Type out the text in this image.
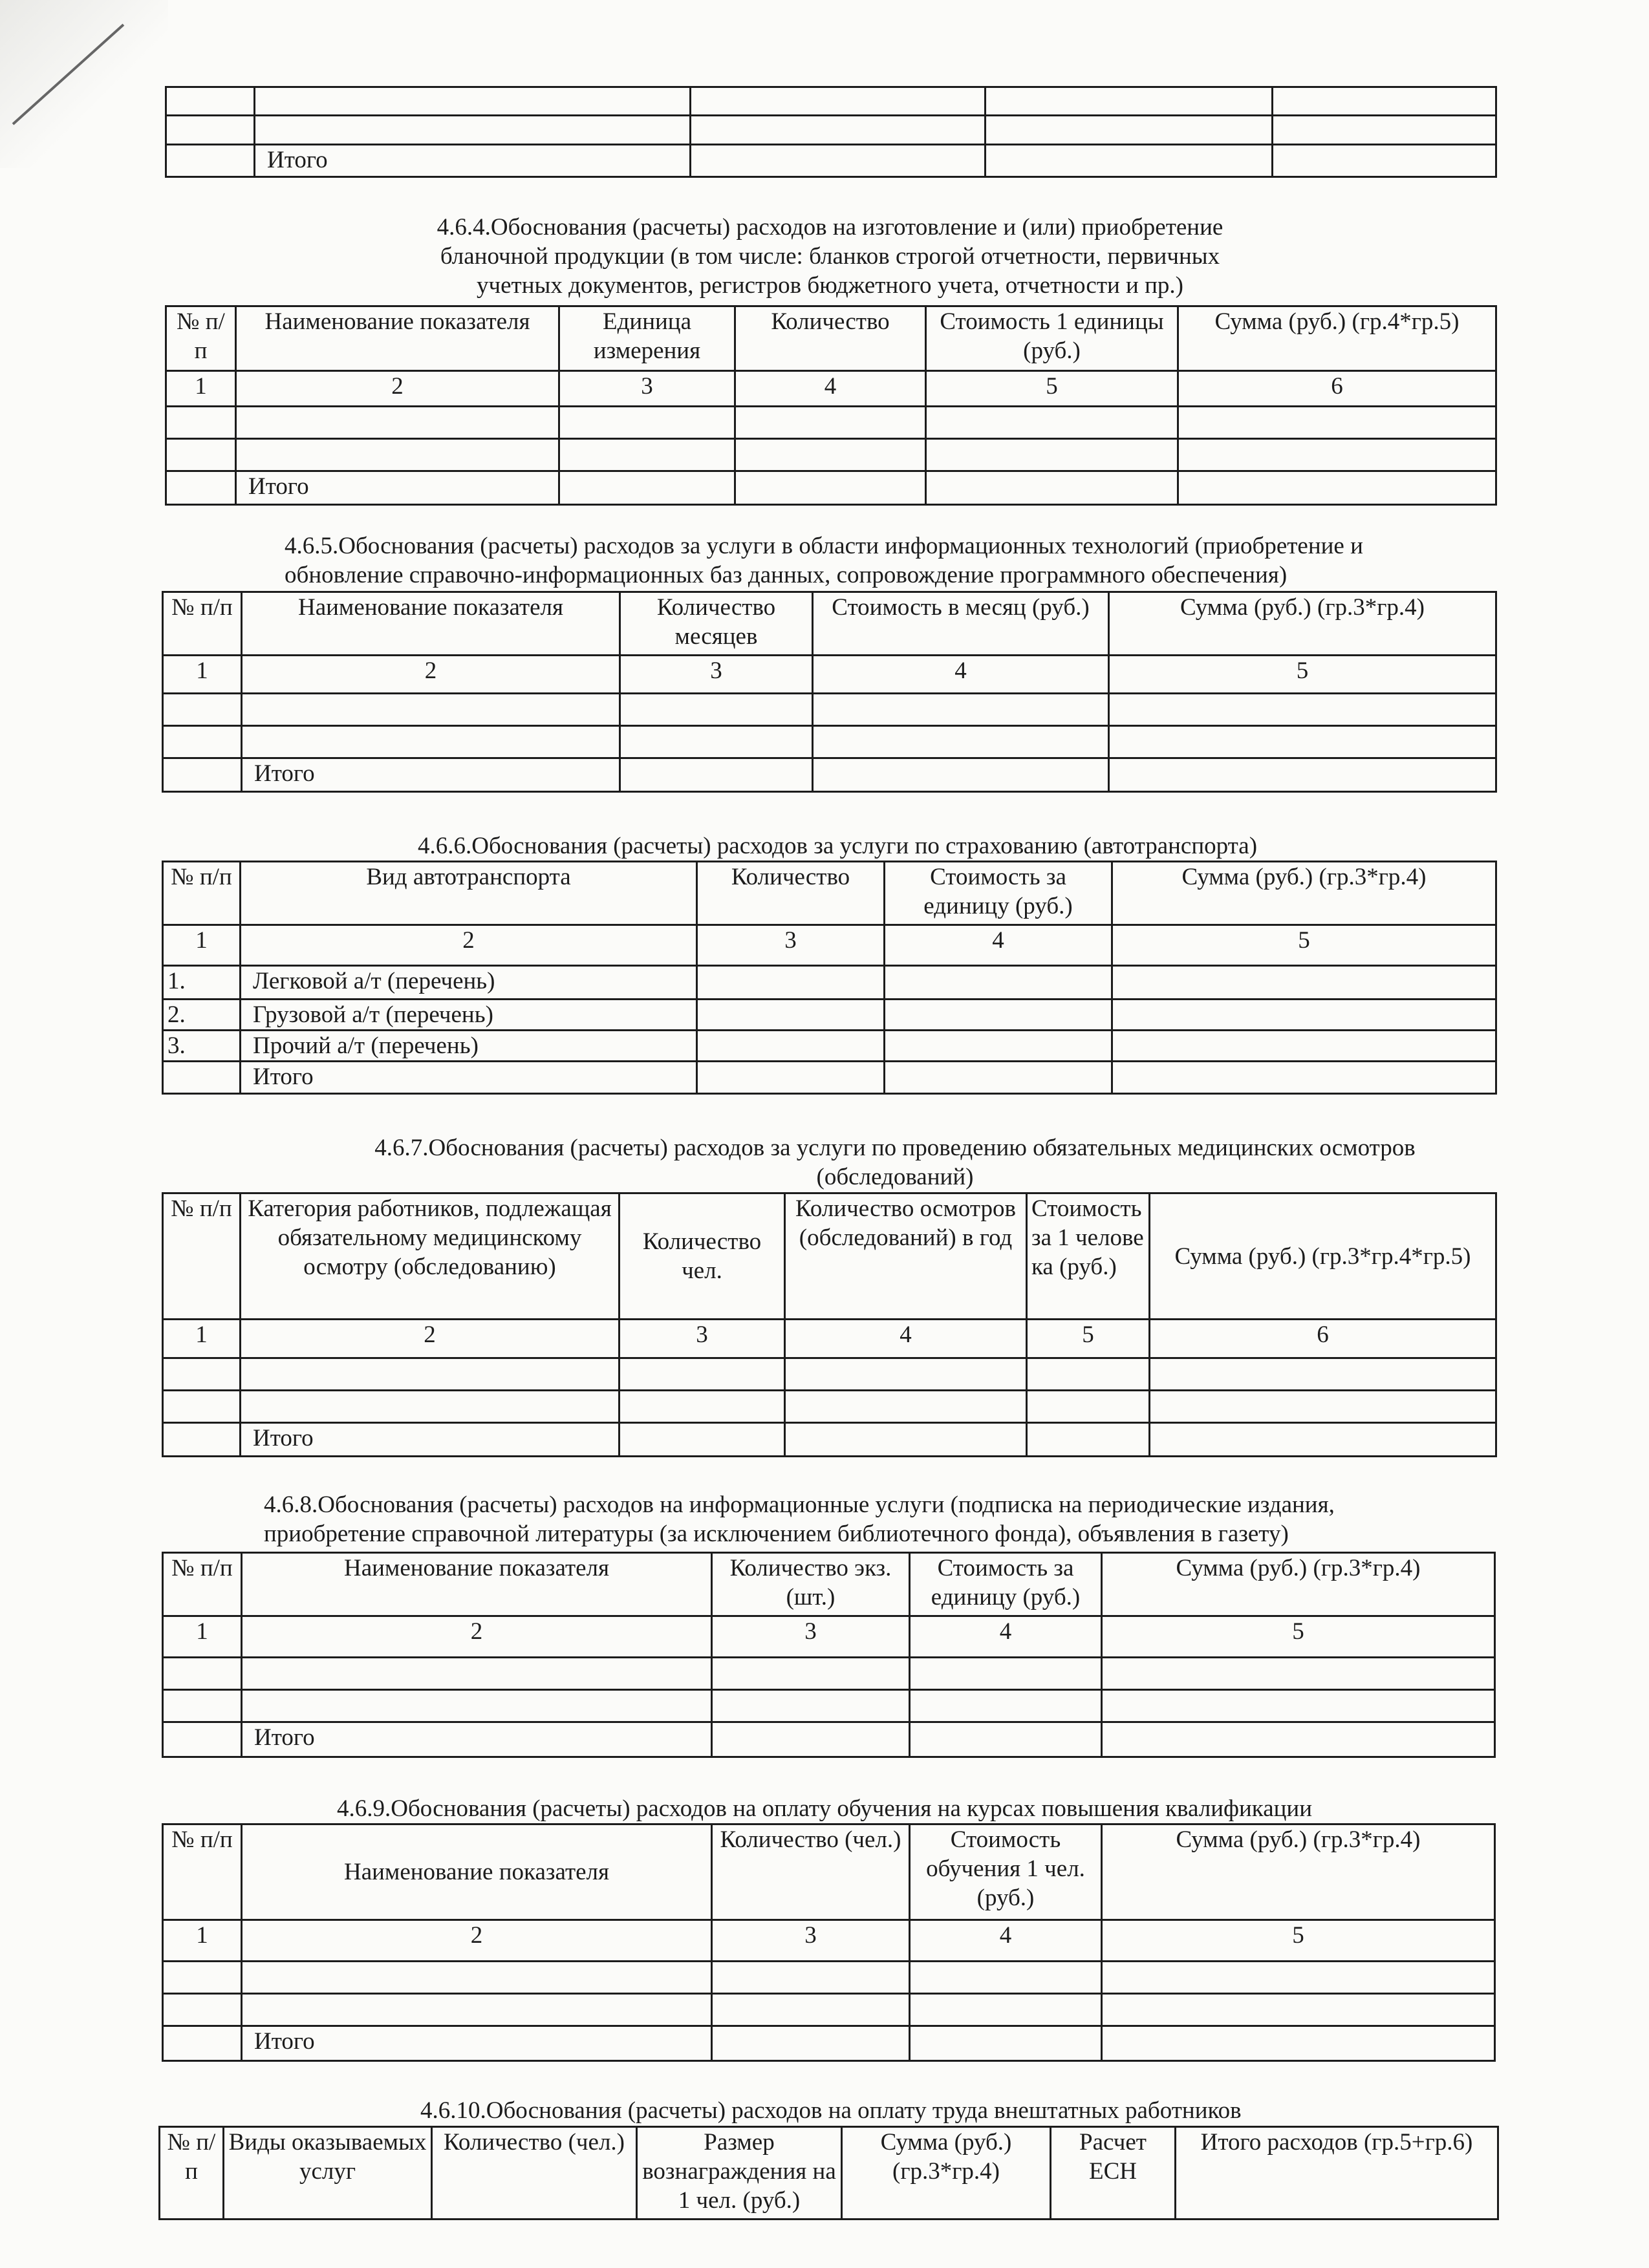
	Итого			
4.6.4.Обоснования (расчеты) расходов на изготовление и (или) приобретение
бланочной продукции (в том числе: бланков строгой отчетности, первичных
учетных документов, регистров бюджетного учета, отчетности и пр.)
№ п/п	Наименование показателя	Единица измерения	Количество	Стоимость 1 единицы (руб.)	Сумма (руб.) (гр.4*гр.5)
1	2	3	4	5	6

	Итого				
4.6.5.Обоснования (расчеты) расходов за услуги в области информационных технологий (приобретение и
обновление справочно-информационных баз данных, сопровождение программного обеспечения)
№ п/п	Наименование показателя	Количество месяцев	Стоимость в месяц (руб.)	Сумма (руб.) (гр.3*гр.4)
1	2	3	4	5

	Итого			
4.6.6.Обоснования (расчеты) расходов за услуги по страхованию (автотранспорта)
№ п/п	Вид автотранспорта	Количество	Стоимость за единицу (руб.)	Сумма (руб.) (гр.3*гр.4)
1	2	3	4	5
1.	Легковой а/т (перечень)			
2.	Грузовой а/т (перечень)			
3.	Прочий а/т (перечень)			
	Итого			
4.6.7.Обоснования (расчеты) расходов за услуги по проведению обязательных медицинских осмотров
(обследований)
№ п/п	Категория работников, подлежащая обязательному медицинскому осмотру (обследованию)	Количество чел.	Количество осмотров (обследований) в год	Стоимость за 1 человека (руб.)	Сумма (руб.) (гр.3*гр.4*гр.5)
1	2	3	4	5	6

	Итого				
4.6.8.Обоснования (расчеты) расходов на информационные услуги (подписка на периодические издания,
приобретение справочной литературы (за исключением библиотечного фонда), объявления в газету)
№ п/п	Наименование показателя	Количество экз. (шт.)	Стоимость за единицу (руб.)	Сумма (руб.) (гр.3*гр.4)
1	2	3	4	5

	Итого			
4.6.9.Обоснования (расчеты) расходов на оплату обучения на курсах повышения квалификации
№ п/п	Наименование показателя	Количество (чел.)	Стоимость обучения 1 чел. (руб.)	Сумма (руб.) (гр.3*гр.4)
1	2	3	4	5

	Итого			
4.6.10.Обоснования (расчеты) расходов на оплату труда внештатных работников
№ п/п	Виды оказываемых услуг	Количество (чел.)	Размер вознаграждения на 1 чел. (руб.)	Сумма (руб.) (гр.3*гр.4)	Расчет ЕСН	Итого расходов (гр.5+гр.6)
